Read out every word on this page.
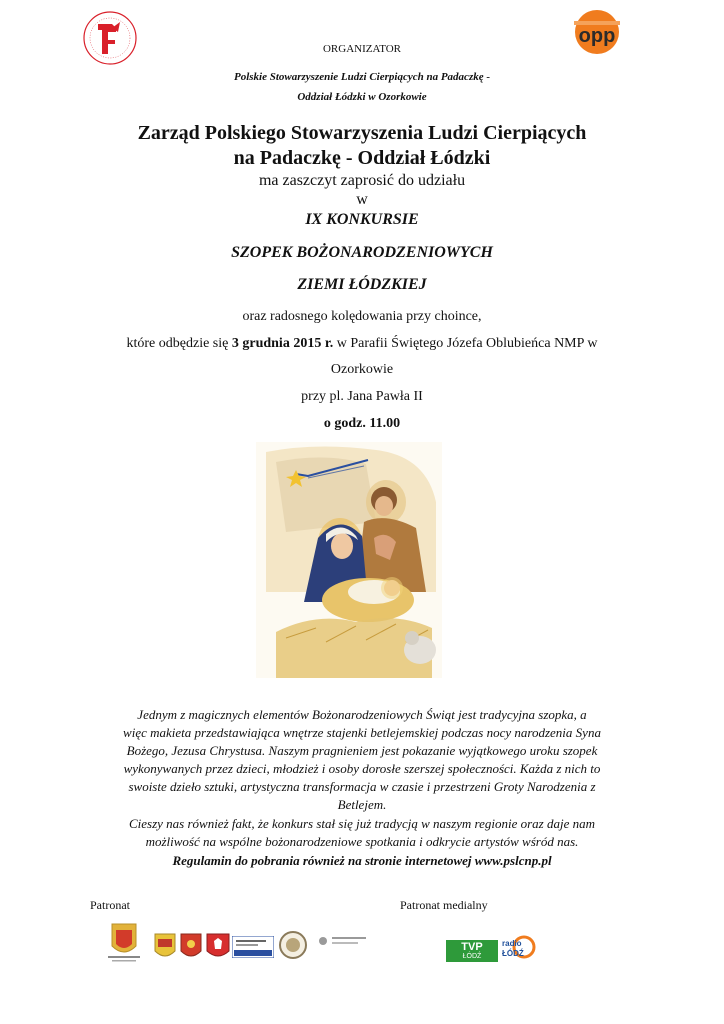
opp
ORGANIZATOR
Polskie Stowarzyszenie Ludzi Cierpiących na Padaczkę -
Oddział Łódzki w Ozorkowie
Zarząd Polskiego Stowarzyszenia Ludzi Cierpiących
na Padaczkę - Oddział Łódzki
ma zaszczyt zaprosić do udziału
w
IX KONKURSIE
SZOPEK BOŻONARODZENIOWYCH
ZIEMI ŁÓDZKIEJ
oraz radosnego kolędowania przy choince,
które odbędzie się 3 grudnia 2015 r. w Parafii Świętego Józefa Oblubieńca NMP w
Ozorkowie
przy pl. Jana Pawła II
o godz. 11.00
Jednym z magicznych elementów Bożonarodzeniowych Świąt jest tradycyjna szopka, a
więc makieta przedstawiająca wnętrze stajenki betlejemskiej podczas nocy narodzenia Syna
Bożego, Jezusa Chrystusa. Naszym pragnieniem jest pokazanie wyjątkowego uroku szopek
wykonywanych przez dzieci, młodzież i osoby dorosłe szerszej społeczności. Każda z nich to
swoiste dzieło sztuki, artystyczna transformacja w czasie i przestrzeni Groty Narodzenia z
Betlejem.
Cieszy nas również fakt, że konkurs stał się już tradycją w naszym regionie oraz daje nam
możliwość na wspólne bożonarodzeniowe spotkania i odkrycie artystów wśród nas.
Regulamin do pobrania również na stronie internetowej www.pslcnp.pl
Patronat	Patronat medialny
TVP
ŁÓDŹ
radio
ŁÓDŹ
